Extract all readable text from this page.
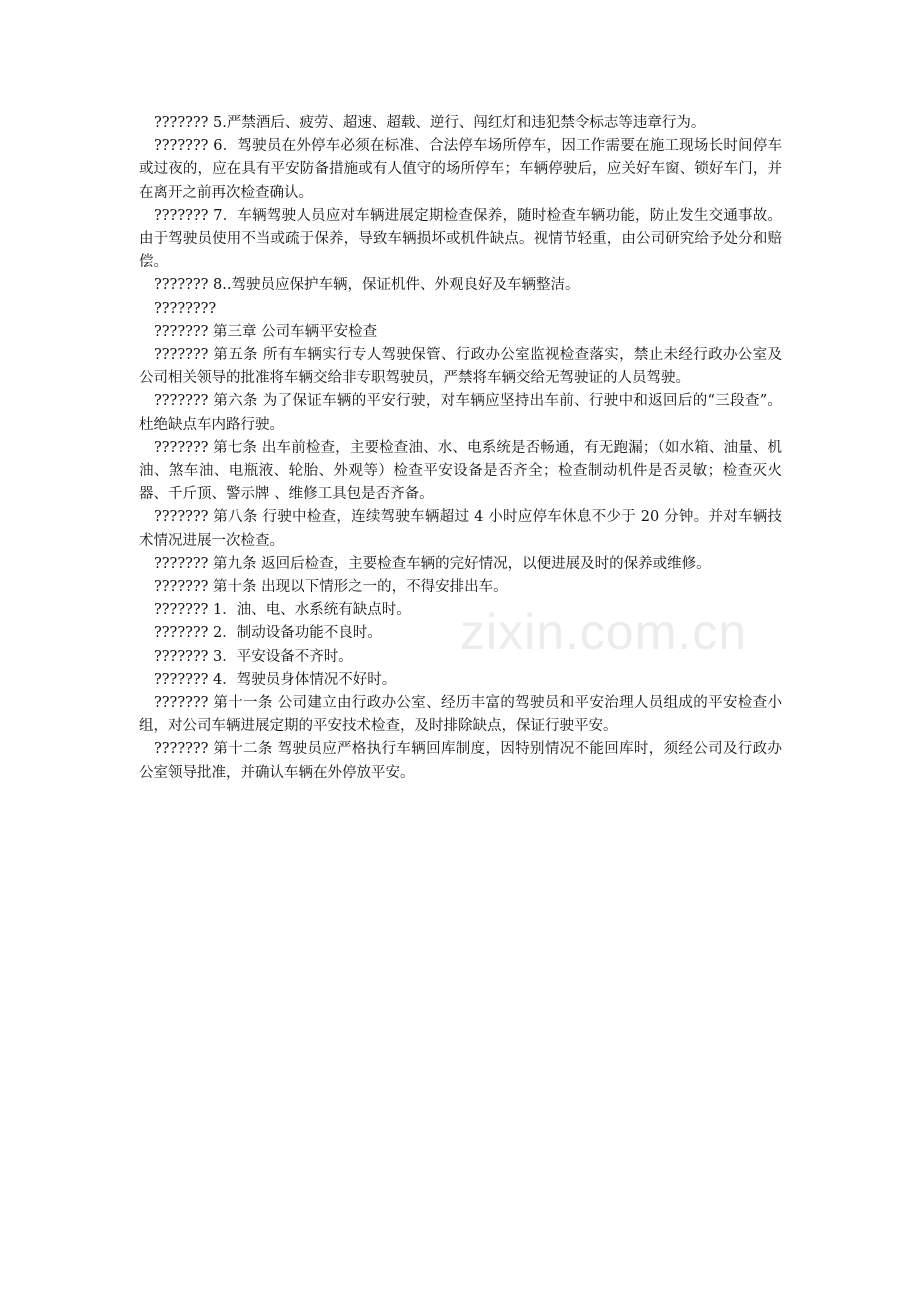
??????? 5.严禁酒后、疲劳、超速、超载、逆行、闯红灯和违犯禁令标志等违章行为。

??????? 6．驾驶员在外停车必须在标准、合法停车场所停车，因工作需要在施工现场长时间停车或过夜的，应在具有平安防备措施或有人值守的场所停车；车辆停驶后，应关好车窗、锁好车门，并在离开之前再次检查确认。

??????? 7．车辆驾驶人员应对车辆进展定期检查保养，随时检查车辆功能，防止发生交通事故。由于驾驶员使用不当或疏于保养，导致车辆损坏或机件缺点。视情节轻重，由公司研究给予处分和赔偿。

??????? 8..驾驶员应保护车辆，保证机件、外观良好及车辆整洁。

????????

??????? 第三章 公司车辆平安检查

??????? 第五条 所有车辆实行专人驾驶保管、行政办公室监视检查落实，禁止未经行政办公室及公司相关领导的批准将车辆交给非专职驾驶员，严禁将车辆交给无驾驶证的人员驾驶。

??????? 第六条 为了保证车辆的平安行驶，对车辆应坚持出车前、行驶中和返回后的“三段查”。杜绝缺点车内路行驶。

??????? 第七条 出车前检查，主要检查油、水、电系统是否畅通，有无跑漏；（如水箱、油量、机油、煞车油、电瓶液、轮胎、外观等）检查平安设备是否齐全；检查制动机件是否灵敏；检查灭火器、千斤顶、警示牌 、维修工具包是否齐备。

??????? 第八条 行驶中检查，连续驾驶车辆超过 4 小时应停车休息不少于 20 分钟。并对车辆技术情况进展一次检查。

??????? 第九条 返回后检查，主要检查车辆的完好情况，以便进展及时的保养或维修。

??????? 第十条 出现以下情形之一的，不得安排出车。

??????? 1．油、电、水系统有缺点时。

??????? 2．制动设备功能不良时。

??????? 3．平安设备不齐时。

??????? 4．驾驶员身体情况不好时。

??????? 第十一条 公司建立由行政办公室、经历丰富的驾驶员和平安治理人员组成的平安检查小组，对公司车辆进展定期的平安技术检查，及时排除缺点，保证行驶平安。

??????? 第十二条 驾驶员应严格执行车辆回库制度，因特别情况不能回库时，须经公司及行政办公室领导批准，并确认车辆在外停放平安。

zixin.com.cn
